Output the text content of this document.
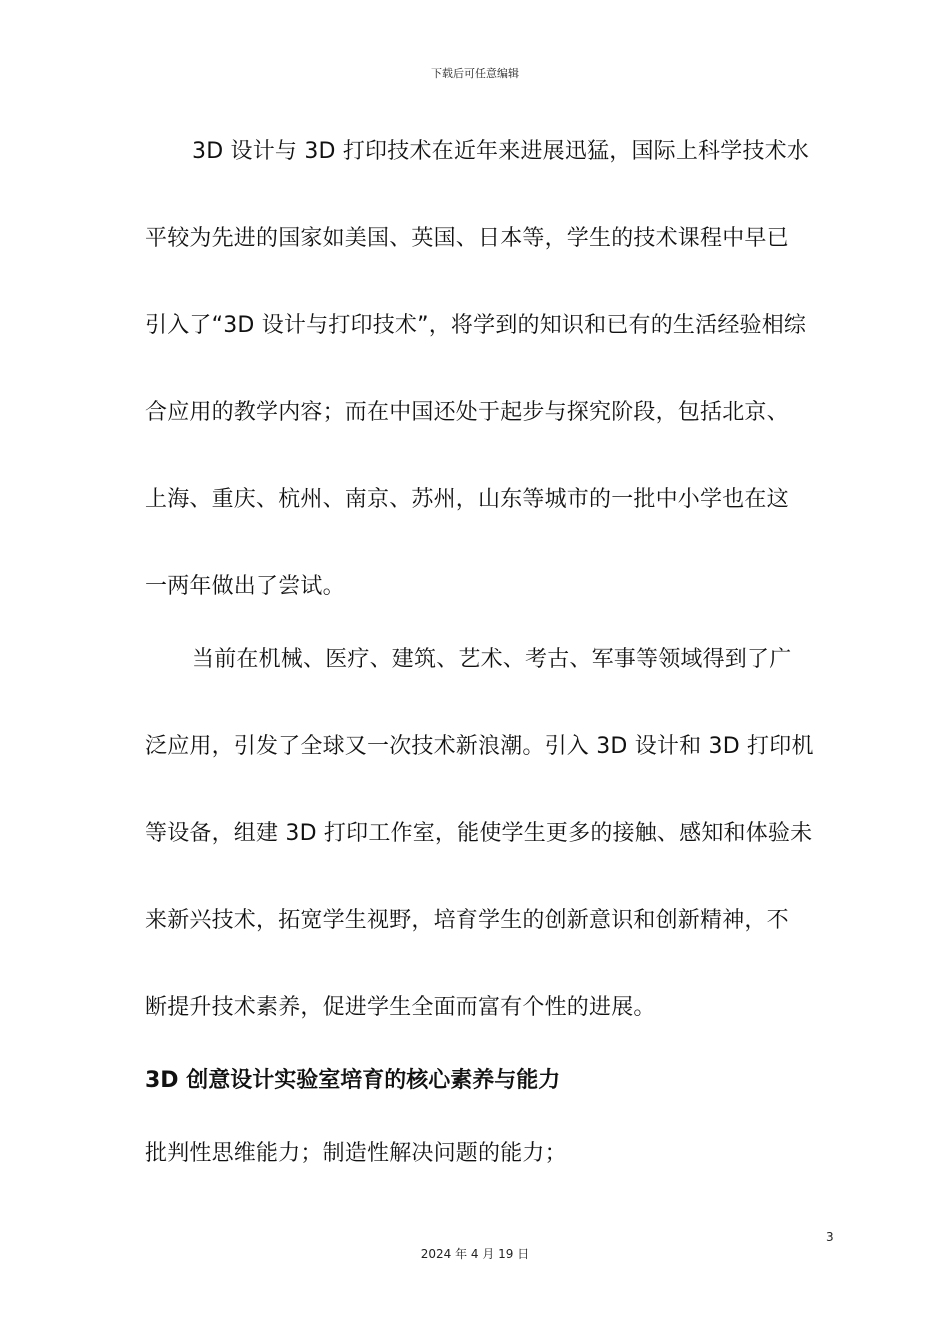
下载后可任意编辑
3D 设计与 3D 打印技术在近年来进展迅猛，国际上科学技术水
平较为先进的国家如美国、英国、日本等，学生的技术课程中早已
引入了“3D 设计与打印技术”，将学到的知识和已有的生活经验相综
合应用的教学内容；而在中国还处于起步与探究阶段，包括北京、
上海、重庆、杭州、南京、苏州，山东等城市的一批中小学也在这
一两年做出了尝试。
当前在机械、医疗、建筑、艺术、考古、军事等领域得到了广
泛应用，引发了全球又一次技术新浪潮。引入 3D 设计和 3D 打印机
等设备，组建 3D 打印工作室，能使学生更多的接触、感知和体验未
来新兴技术，拓宽学生视野，培育学生的创新意识和创新精神，不
断提升技术素养，促进学生全面而富有个性的进展。
3D 创意设计实验室培育的核心素养与能力
批判性思维能力；制造性解决问题的能力；
3
2024 年 4 月 19 日
